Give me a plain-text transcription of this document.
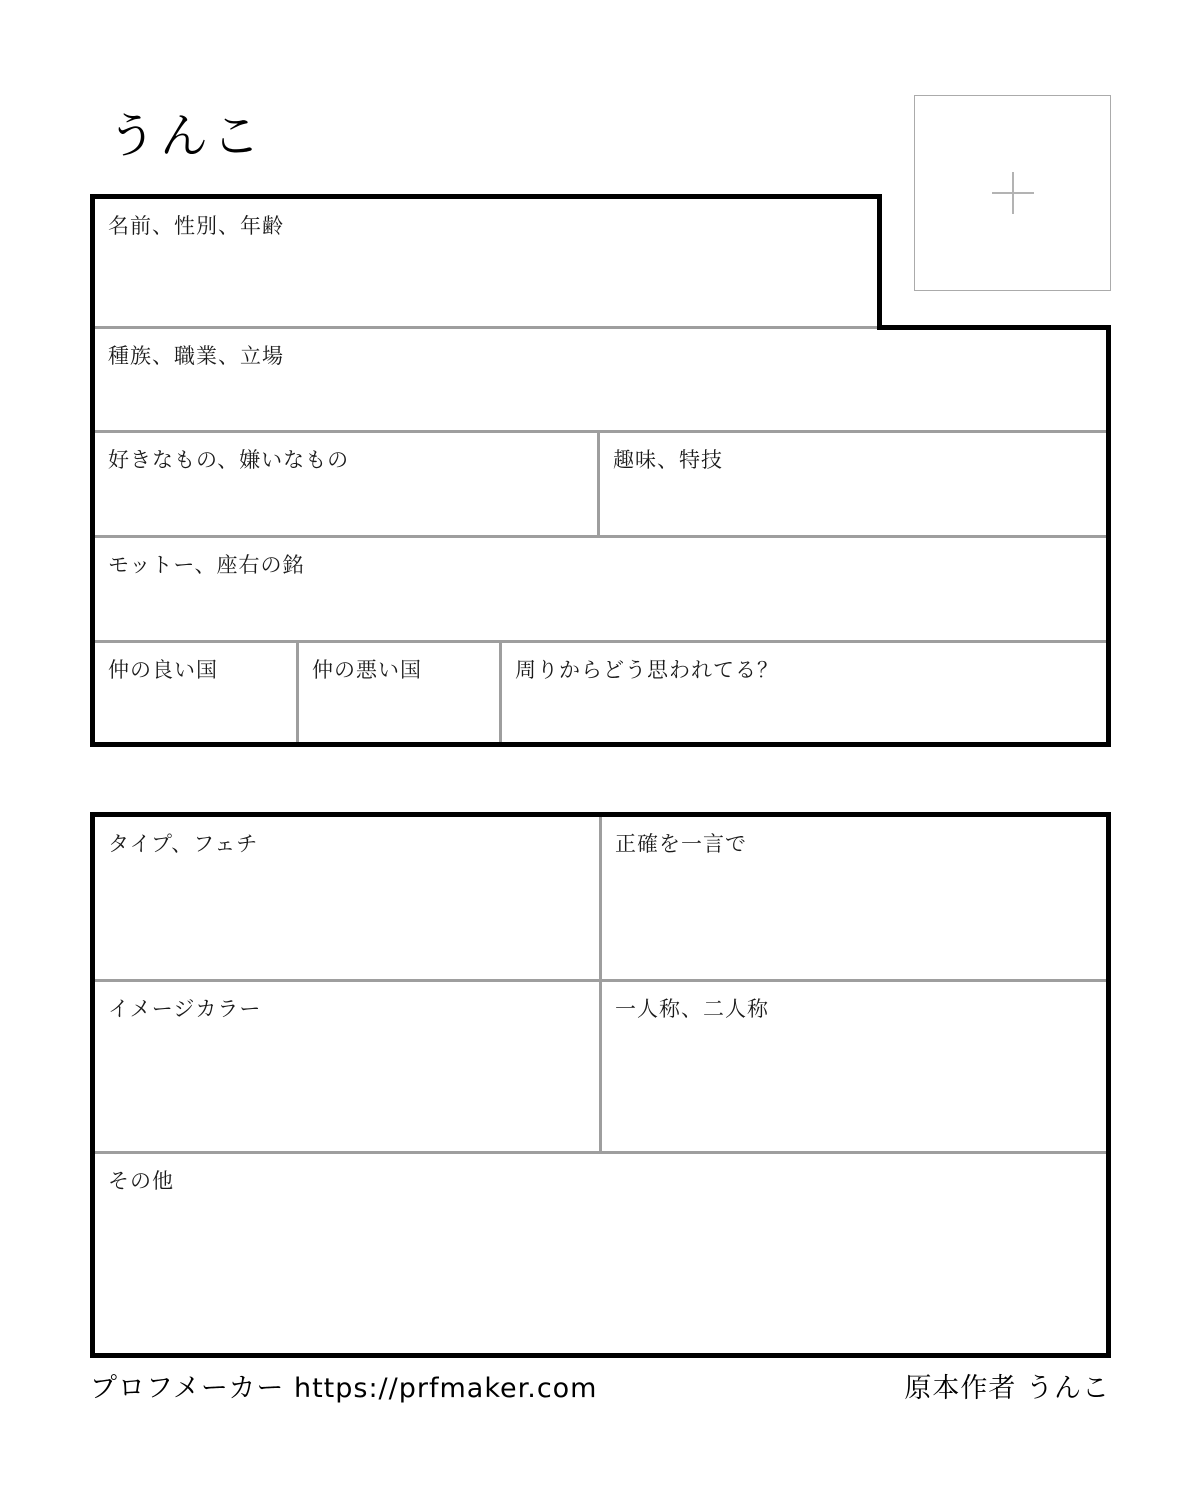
うんこ
名前、性別、年齢
種族、職業、立場
好きなもの、嫌いなもの	趣味、特技
モットー、座右の銘
仲の良い国	仲の悪い国	周りからどう思われてる？
タイプ、フェチ	正確を一言で
イメージカラー	一人称、二人称
その他
プロフメーカー https://prfmaker.com	原本作者 うんこ
